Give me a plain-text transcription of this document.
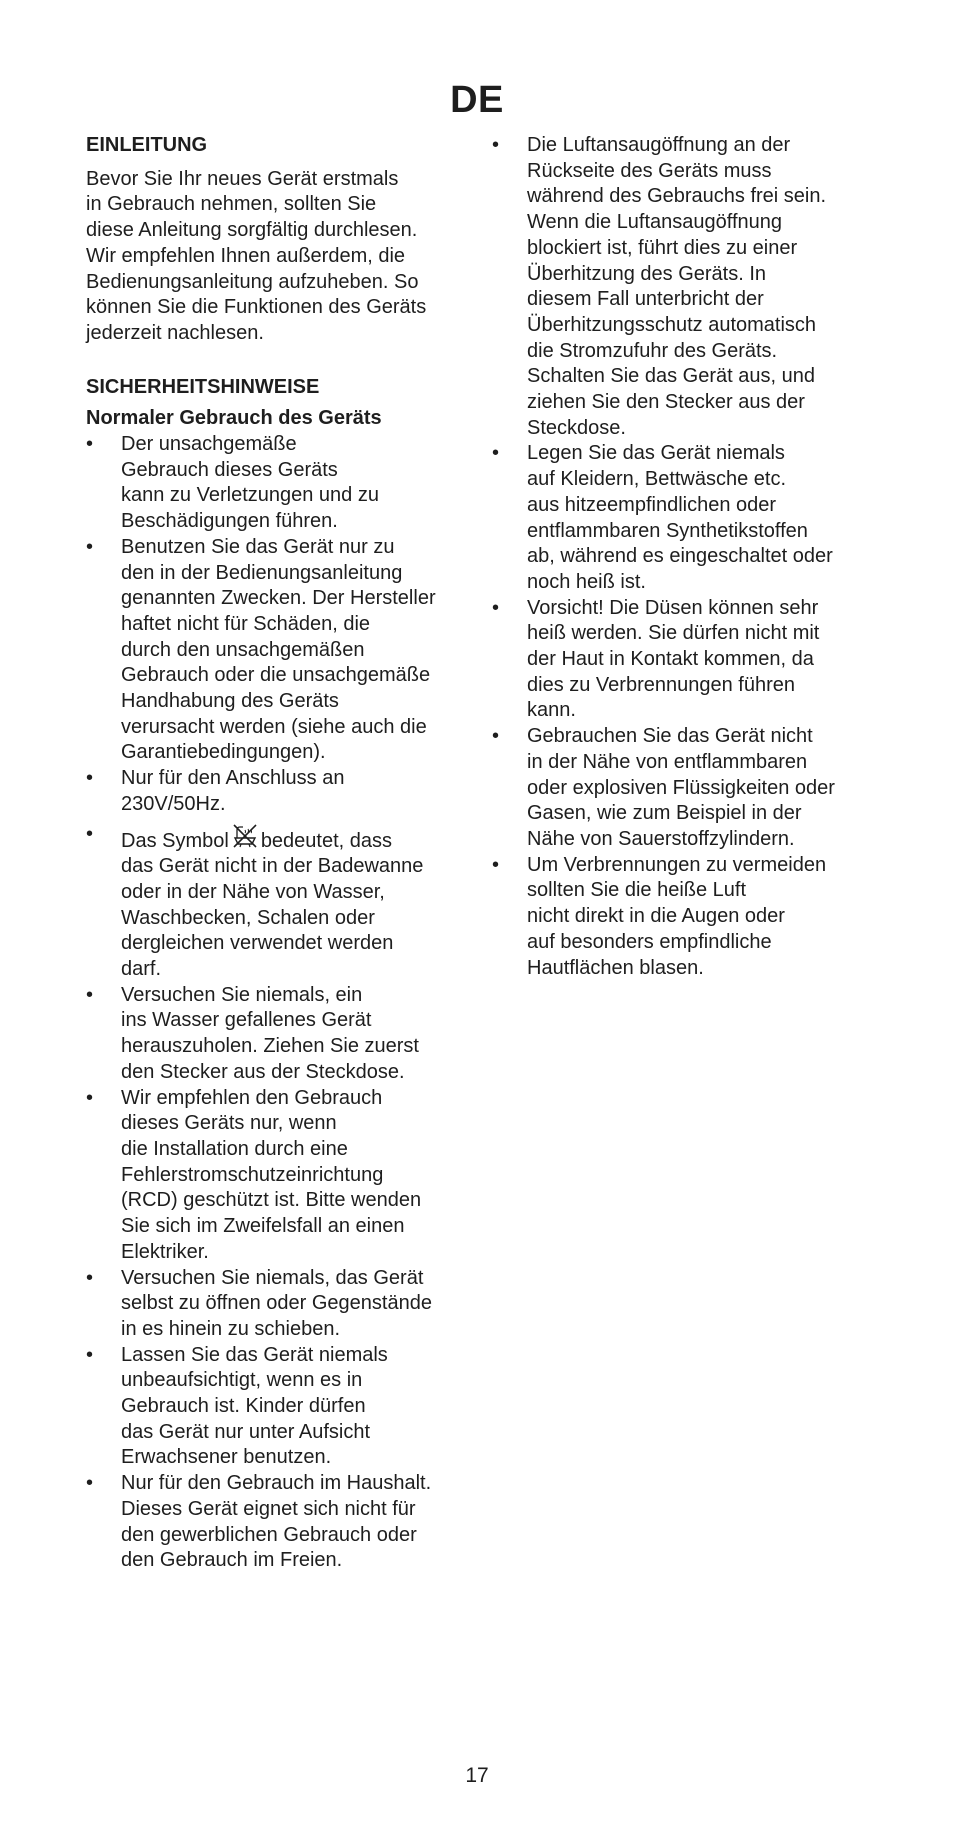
DE
EINLEITUNG
Bevor Sie Ihr neues Gerät erstmals
in Gebrauch nehmen, sollten Sie
diese Anleitung sorgfältig durchlesen.
Wir empfehlen Ihnen außerdem, die
Bedienungsanleitung aufzuheben. So
können Sie die Funktionen des Geräts
jederzeit nachlesen.
SICHERHEITSHINWEISE
Normaler Gebrauch des Geräts
•	Der unsachgemäße
Gebrauch dieses Geräts
kann zu Verletzungen und zu
Beschädigungen führen.
•	Benutzen Sie das Gerät nur zu
den in der Bedienungsanleitung
genannten Zwecken. Der Hersteller
haftet nicht für Schäden, die
durch den unsachgemäßen
Gebrauch oder die unsachgemäße
Handhabung des Geräts
verursacht werden (siehe auch die
Garantiebedingungen).
•	Nur für den Anschluss an
230V/50Hz.
•	Das Symbol bedeutet, dass
das Gerät nicht in der Badewanne
oder in der Nähe von Wasser,
Waschbecken, Schalen oder
dergleichen verwendet werden
darf.
•	Versuchen Sie niemals, ein
ins Wasser gefallenes Gerät
herauszuholen. Ziehen Sie zuerst
den Stecker aus der Steckdose.
•	Wir empfehlen den Gebrauch
dieses Geräts nur, wenn
die Installation durch eine
Fehlerstromschutzeinrichtung
(RCD) geschützt ist. Bitte wenden
Sie sich im Zweifelsfall an einen
Elektriker.
•	Versuchen Sie niemals, das Gerät
selbst zu öffnen oder Gegenstände
in es hinein zu schieben.
•	Lassen Sie das Gerät niemals
unbeaufsichtigt, wenn es in
Gebrauch ist. Kinder dürfen
das Gerät nur unter Aufsicht
Erwachsener benutzen.
•	Nur für den Gebrauch im Haushalt.
Dieses Gerät eignet sich nicht für
den gewerblichen Gebrauch oder
den Gebrauch im Freien.
•	Die Luftansaugöffnung an der
Rückseite des Geräts muss
während des Gebrauchs frei sein.
Wenn die Luftansaugöffnung
blockiert ist, führt dies zu einer
Überhitzung des Geräts. In
diesem Fall unterbricht der
Überhitzungsschutz automatisch
die Stromzufuhr des Geräts.
Schalten Sie das Gerät aus, und
ziehen Sie den Stecker aus der
Steckdose.
•	Legen Sie das Gerät niemals
auf Kleidern, Bettwäsche etc.
aus hitzeempfindlichen oder
entflammbaren Synthetikstoffen
ab, während es eingeschaltet oder
noch heiß ist.
•	Vorsicht! Die Düsen können sehr
heiß werden. Sie dürfen nicht mit
der Haut in Kontakt kommen, da
dies zu Verbrennungen führen
kann.
•	Gebrauchen Sie das Gerät nicht
in der Nähe von entflammbaren
oder explosiven Flüssigkeiten oder
Gasen, wie zum Beispiel in der
Nähe von Sauerstoffzylindern.
•	Um Verbrennungen zu vermeiden
sollten Sie die heiße Luft
nicht direkt in die Augen oder
auf besonders empfindliche
Hautflächen blasen.
17
